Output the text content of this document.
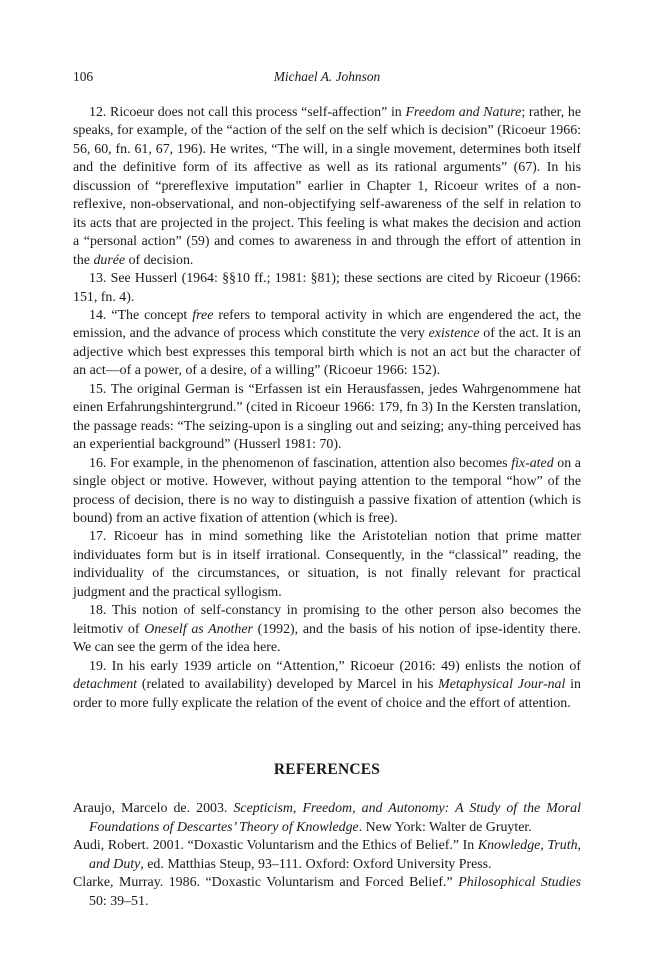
106	Michael A. Johnson

12. Ricoeur does not call this process “self-affection” in Freedom and Nature; rather, he speaks, for example, of the “action of the self on the self which is decision” (Ricoeur 1966: 56, 60, fn. 61, 67, 196). He writes, “The will, in a single movement, determines both itself and the definitive form of its affective as well as its rational arguments” (67). In his discussion of “prereflexive imputation” earlier in Chapter 1, Ricoeur writes of a non-reflexive, non-observational, and non-objectifying self-awareness of the self in relation to its acts that are projected in the project. This feeling is what makes the decision and action a “personal action” (59) and comes to awareness in and through the effort of attention in the durée of decision.

13. See Husserl (1964: §§10 ff.; 1981: §81); these sections are cited by Ricoeur (1966: 151, fn. 4).

14. “The concept free refers to temporal activity in which are engendered the act, the emission, and the advance of process which constitute the very existence of the act. It is an adjective which best expresses this temporal birth which is not an act but the character of an act—of a power, of a desire, of a willing” (Ricoeur 1966: 152).

15. The original German is “Erfassen ist ein Herausfassen, jedes Wahrgenommene hat einen Erfahrungshintergrund.” (cited in Ricoeur 1966: 179, fn 3) In the Kersten translation, the passage reads: “The seizing-upon is a singling out and seizing; any-thing perceived has an experiential background” (Husserl 1981: 70).

16. For example, in the phenomenon of fascination, attention also becomes fix-ated on a single object or motive. However, without paying attention to the temporal “how” of the process of decision, there is no way to distinguish a passive fixation of attention (which is bound) from an active fixation of attention (which is free).

17. Ricoeur has in mind something like the Aristotelian notion that prime matter individuates form but is in itself irrational. Consequently, in the “classical” reading, the individuality of the circumstances, or situation, is not finally relevant for practical judgment and the practical syllogism.

18. This notion of self-constancy in promising to the other person also becomes the leitmotiv of Oneself as Another (1992), and the basis of his notion of ipse-identity there. We can see the germ of the idea here.

19. In his early 1939 article on “Attention,” Ricoeur (2016: 49) enlists the notion of detachment (related to availability) developed by Marcel in his Metaphysical Jour-nal in order to more fully explicate the relation of the event of choice and the effort of attention.

REFERENCES

Araujo, Marcelo de. 2003. Scepticism, Freedom, and Autonomy: A Study of the Moral Foundations of Descartes’ Theory of Knowledge. New York: Walter de Gruyter.

Audi, Robert. 2001. “Doxastic Voluntarism and the Ethics of Belief.” In Knowledge, Truth, and Duty, ed. Matthias Steup, 93–111. Oxford: Oxford University Press.

Clarke, Murray. 1986. “Doxastic Voluntarism and Forced Belief.” Philosophical Studies 50: 39–51.
